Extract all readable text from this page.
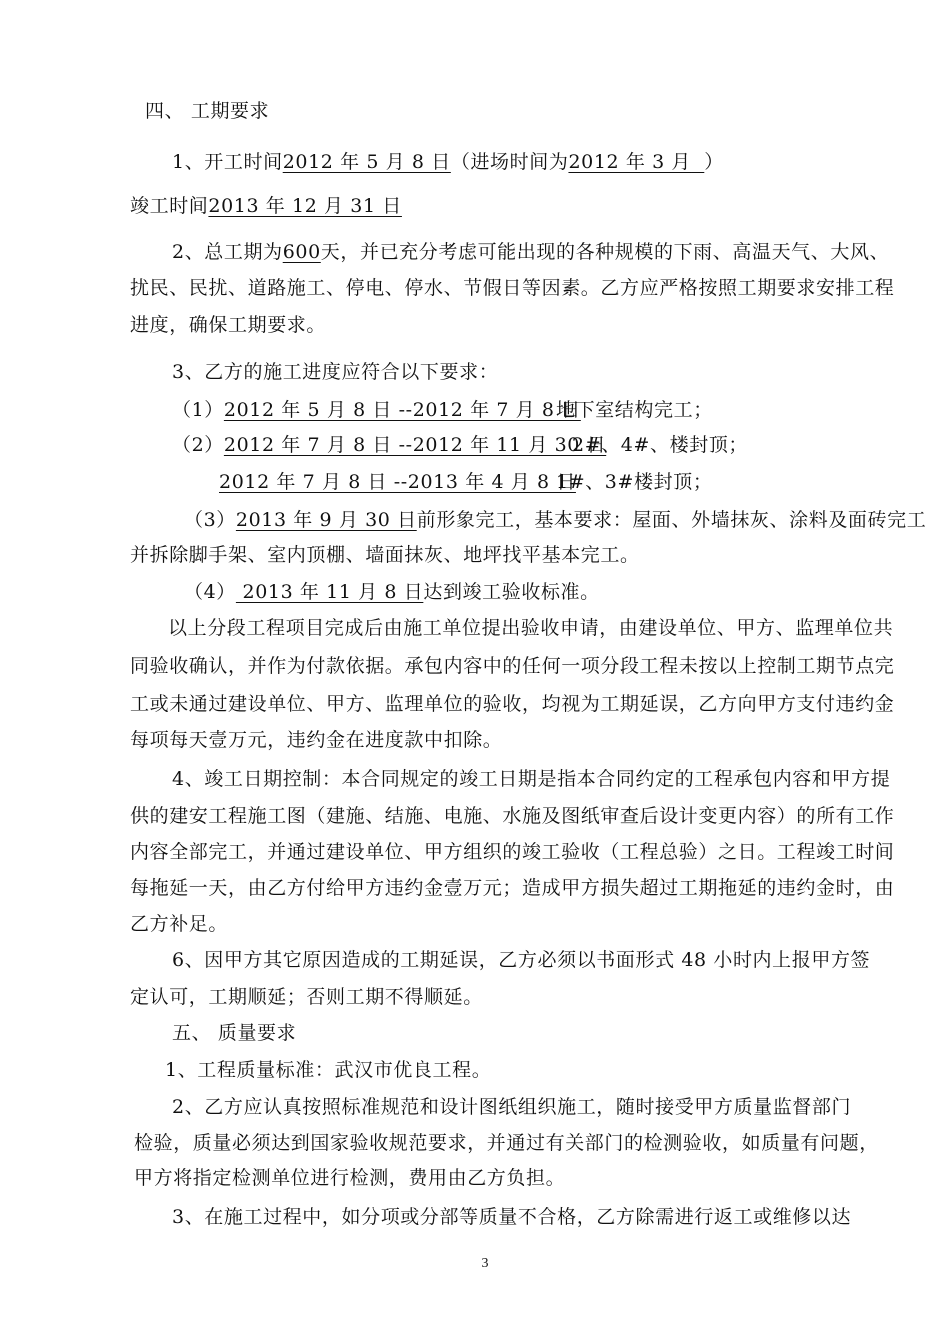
四、 工期要求
1、开工时间2012 年 5 月 8 日（进场时间为2012 年 3 月 ）
竣工时间2013 年 12 月 31 日
2、总工期为600天，并已充分考虑可能出现的各种规模的下雨、高温天气、大风、
扰民、民扰、道路施工、停电、停水、节假日等因素。乙方应严格按照工期要求安排工程
进度，确保工期要求。
3、乙方的施工进度应符合以下要求：
（1）2012 年 5 月 8 日 --2012 年 7 月 8 日
地下室结构完工；
（2）2012 年 7 月 8 日 --2012 年 11 月 30 日
2#、4#、楼封顶；
2012 年 7 月 8 日 --2013 年 4 月 8 日
1#、3#楼封顶；
（3）2013 年 9 月 30 日前形象完工，基本要求：屋面、外墙抹灰、涂料及面砖完工
并拆除脚手架、室内顶棚、墙面抹灰、地坪找平基本完工。
（4） 2013 年 11 月 8 日达到竣工验收标准。
以上分段工程项目完成后由施工单位提出验收申请，由建设单位、甲方、监理单位共
同验收确认，并作为付款依据。承包内容中的任何一项分段工程未按以上控制工期节点完
工或未通过建设单位、甲方、监理单位的验收，均视为工期延误，乙方向甲方支付违约金
每项每天壹万元，违约金在进度款中扣除。
4、竣工日期控制：本合同规定的竣工日期是指本合同约定的工程承包内容和甲方提
供的建安工程施工图（建施、结施、电施、水施及图纸审查后设计变更内容）的所有工作
内容全部完工，并通过建设单位、甲方组织的竣工验收（工程总验）之日。工程竣工时间
每拖延一天，由乙方付给甲方违约金壹万元；造成甲方损失超过工期拖延的违约金时，由
乙方补足。
6、因甲方其它原因造成的工期延误，乙方必须以书面形式 48 小时内上报甲方签
定认可，工期顺延；否则工期不得顺延。
五、 质量要求
1、工程质量标准：武汉市优良工程。
2、乙方应认真按照标准规范和设计图纸组织施工，随时接受甲方质量监督部门
检验，质量必须达到国家验收规范要求，并通过有关部门的检测验收，如质量有问题，
甲方将指定检测单位进行检测，费用由乙方负担。
3、在施工过程中，如分项或分部等质量不合格，乙方除需进行返工或维修以达
3
